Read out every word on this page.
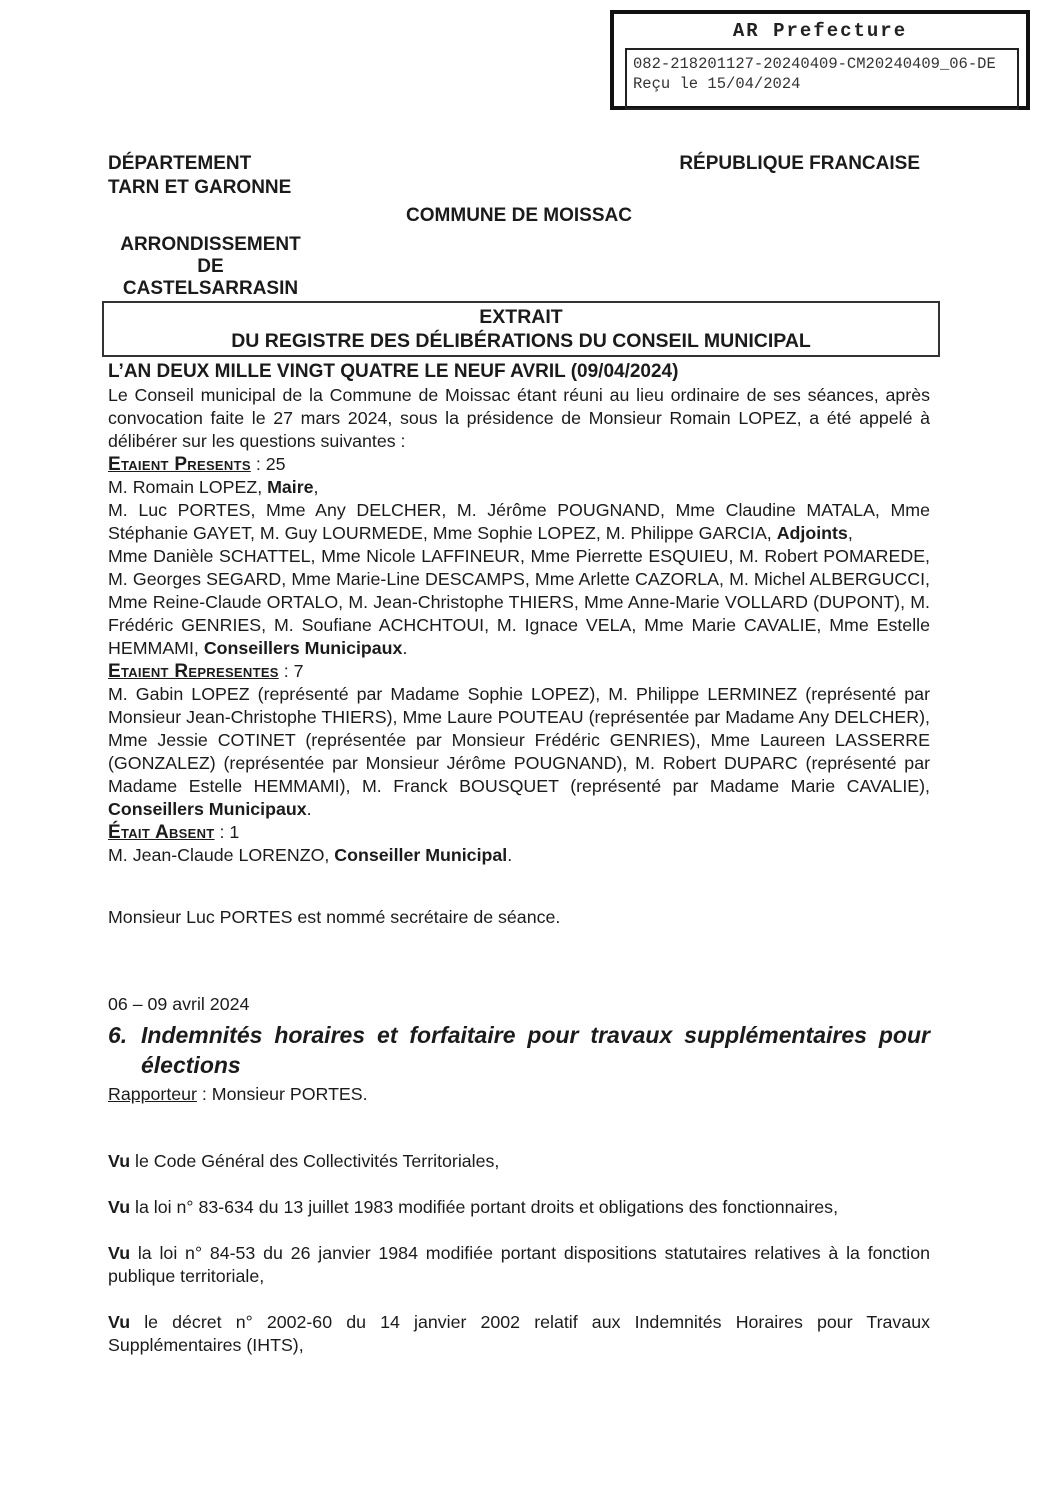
AR Prefecture
082-218201127-20240409-CM20240409_06-DE
Reçu le 15/04/2024
DÉPARTEMENT
TARN ET GARONNE
RÉPUBLIQUE FRANCAISE
COMMUNE DE MOISSAC
ARRONDISSEMENT
DE
CASTELSARRASIN
EXTRAIT
DU REGISTRE DES DÉLIBÉRATIONS DU CONSEIL MUNICIPAL
L’AN DEUX MILLE VINGT QUATRE LE NEUF AVRIL (09/04/2024)

Le Conseil municipal de la Commune de Moissac étant réuni au lieu ordinaire de ses séances, après convocation faite le 27 mars 2024, sous la présidence de Monsieur Romain LOPEZ, a été appelé à délibérer sur les questions suivantes :

Etaient Presents : 25

M. Romain LOPEZ, Maire,

M. Luc PORTES, Mme Any DELCHER, M. Jérôme POUGNAND, Mme Claudine MATALA, Mme Stéphanie GAYET, M. Guy LOURMEDE, Mme Sophie LOPEZ, M. Philippe GARCIA, Adjoints,

Mme Danièle SCHATTEL, Mme Nicole LAFFINEUR, Mme Pierrette ESQUIEU, M. Robert POMAREDE, M. Georges SEGARD, Mme Marie-Line DESCAMPS, Mme Arlette CAZORLA, M. Michel ALBERGUCCI, Mme Reine-Claude ORTALO, M. Jean-Christophe THIERS, Mme Anne-Marie VOLLARD (DUPONT), M. Frédéric GENRIES, M. Soufiane ACHCHTOUI, M. Ignace VELA, Mme Marie CAVALIE, Mme Estelle HEMMAMI, Conseillers Municipaux.

Etaient Representes : 7

M. Gabin LOPEZ (représenté par Madame Sophie LOPEZ), M. Philippe LERMINEZ (représenté par Monsieur Jean-Christophe THIERS), Mme Laure POUTEAU (représentée par Madame Any DELCHER), Mme Jessie COTINET (représentée par Monsieur Frédéric GENRIES), Mme Laureen LASSERRE (GONZALEZ) (représentée par Monsieur Jérôme POUGNAND), M. Robert DUPARC (représenté par Madame Estelle HEMMAMI), M. Franck BOUSQUET (représenté par Madame Marie CAVALIE), Conseillers Municipaux.

Était Absent : 1

M. Jean-Claude LORENZO, Conseiller Municipal.

Monsieur Luc PORTES est nommé secrétaire de séance.

06 – 09 avril 2024

6. Indemnités horaires et forfaitaire pour travaux supplémentaires pour élections

Rapporteur : Monsieur PORTES.

Vu le Code Général des Collectivités Territoriales,

Vu la loi n° 83-634 du 13 juillet 1983 modifiée portant droits et obligations des fonctionnaires,

Vu la loi n° 84-53 du 26 janvier 1984 modifiée portant dispositions statutaires relatives à la fonction publique territoriale,

Vu le décret n° 2002-60 du 14 janvier 2002 relatif aux Indemnités Horaires pour Travaux Supplémentaires (IHTS),
